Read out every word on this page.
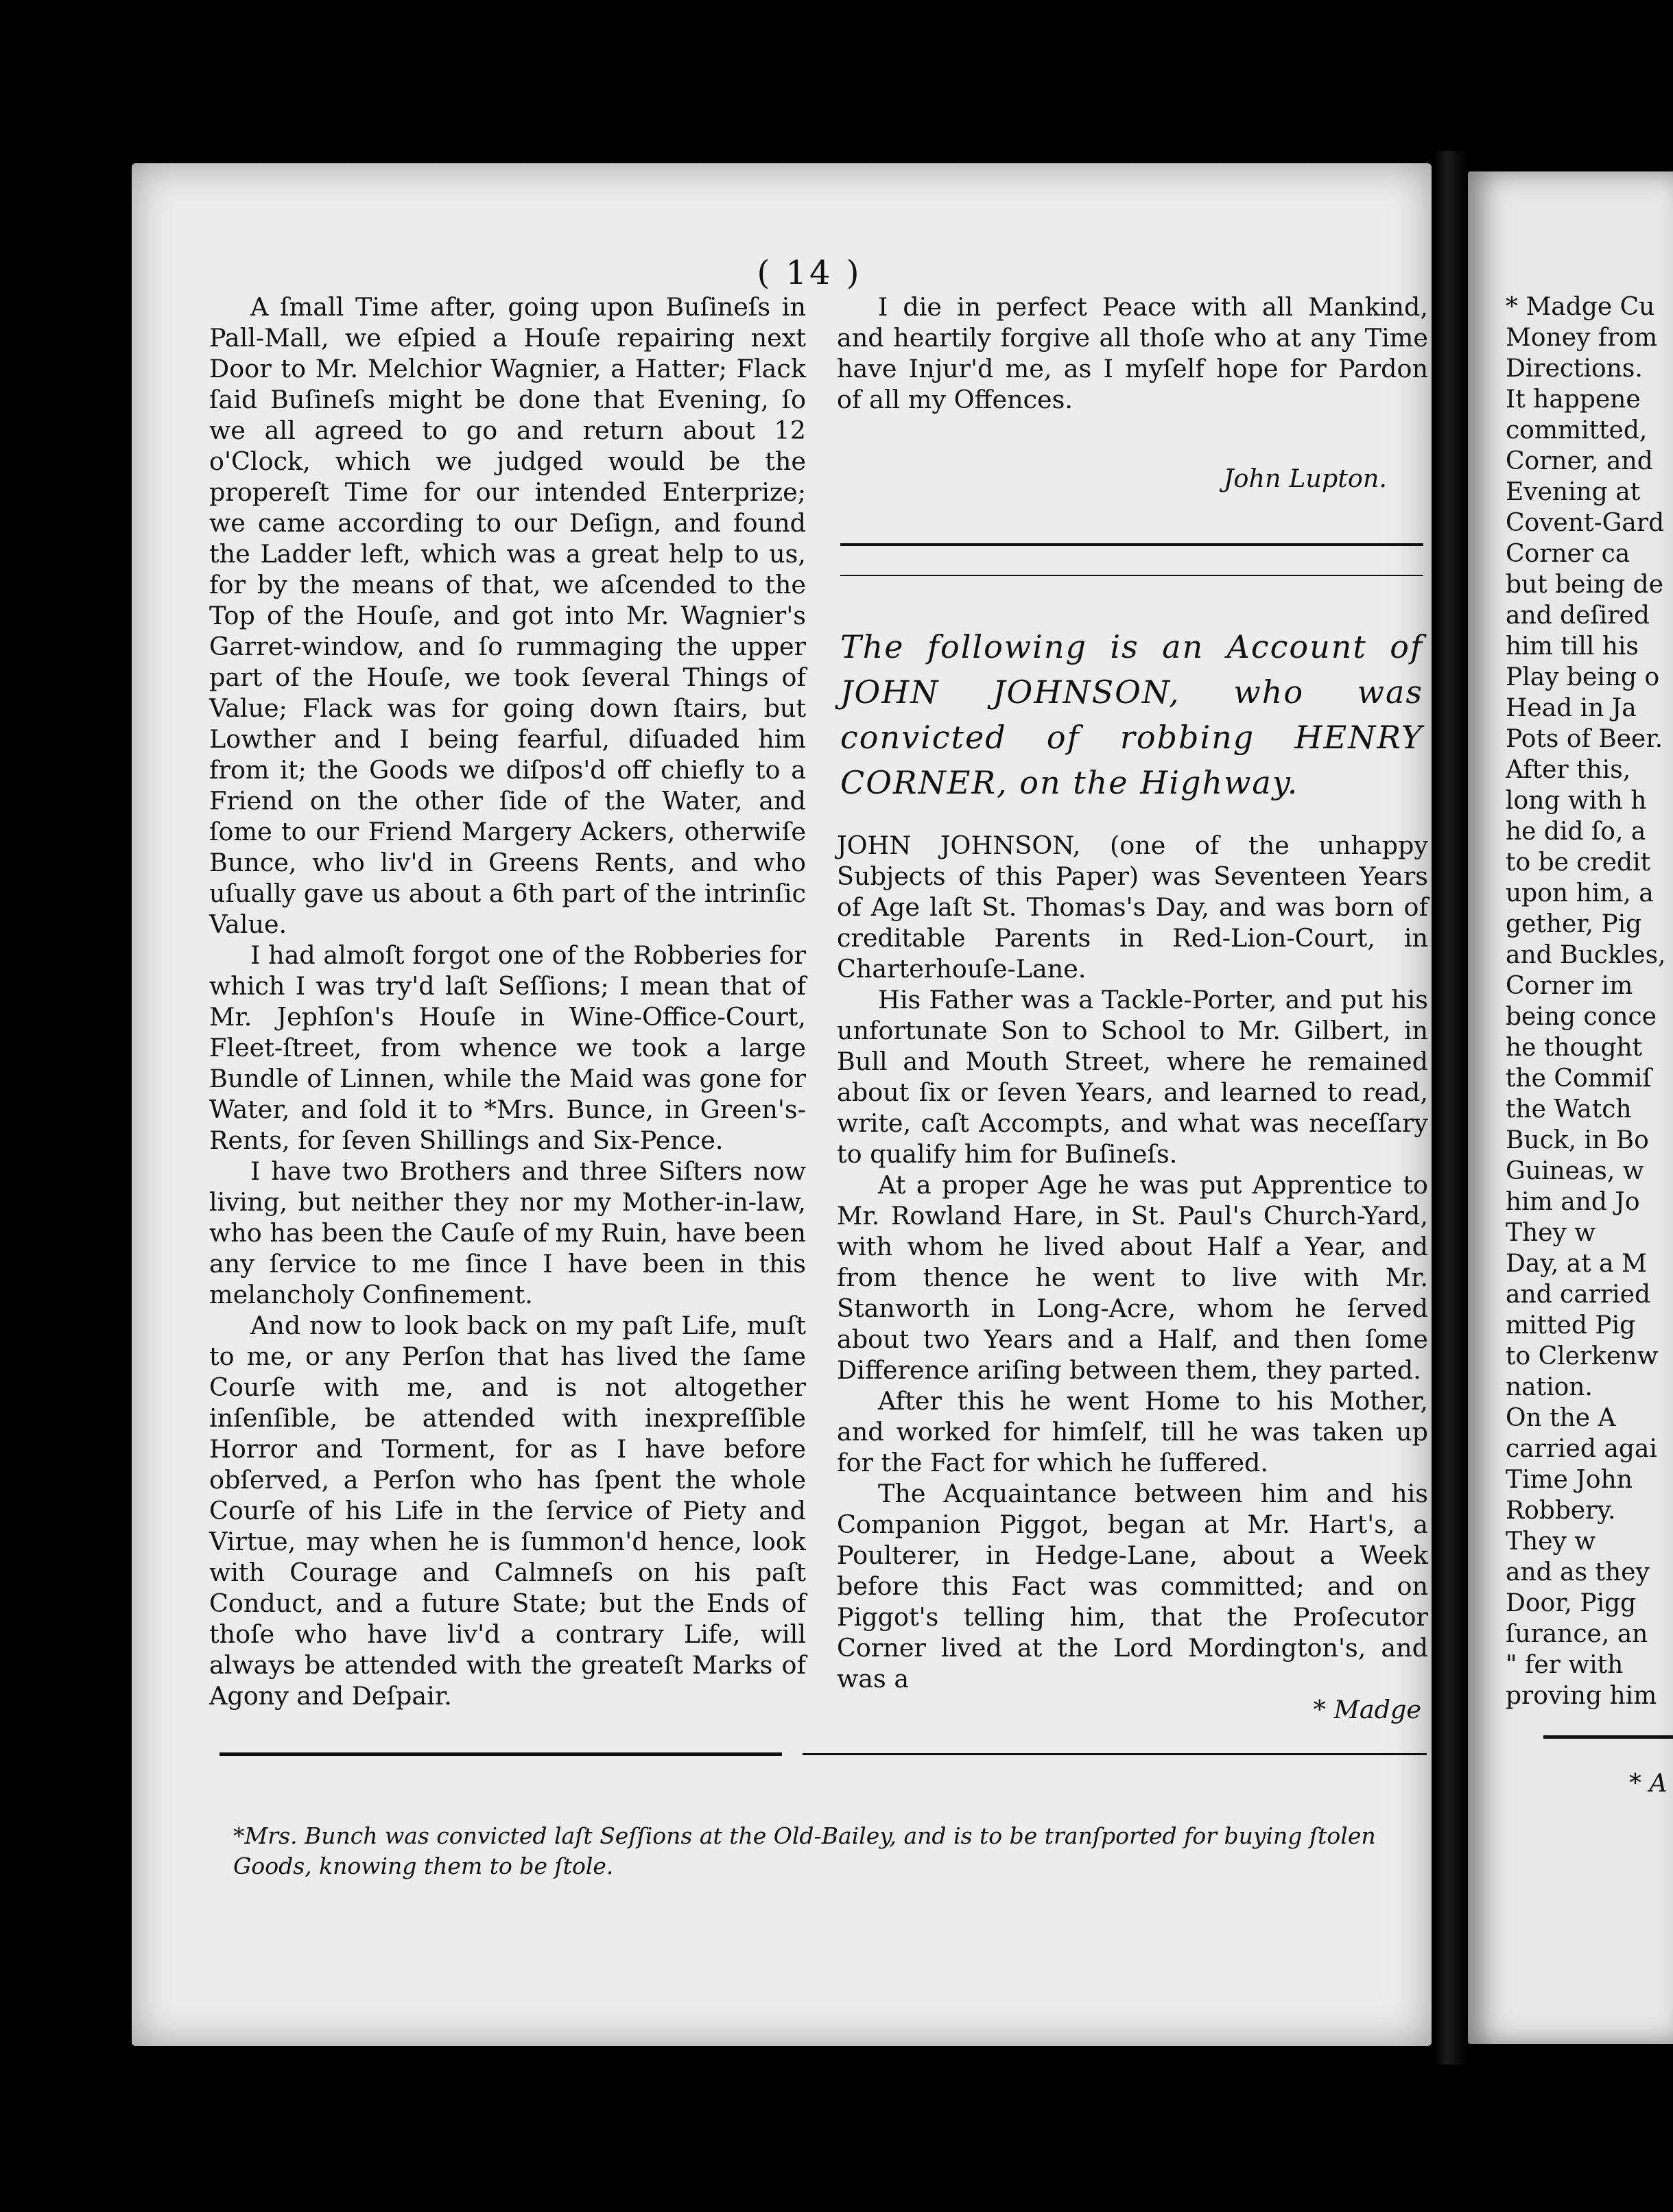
( 14 )

A ſmall Time after, going upon Buſineſs in Pall-Mall, we eſpied a Houſe repairing next Door to Mr. Melchior Wagnier, a Hatter; Flack ſaid Buſineſs might be done that Evening, ſo we all agreed to go and return about 12 o'Clock, which we judged would be the propereſt Time for our intended Enterprize; we came according to our Deſign, and found the Ladder left, which was a great help to us, for by the means of that, we aſcended to the Top of the Houſe, and got into Mr. Wagnier's Garret-window, and ſo rummaging the upper part of the Houſe, we took ſeveral Things of Value; Flack was for going down ſtairs, but Lowther and I being fearful, diſuaded him from it; the Goods we diſpos'd off chiefly to a Friend on the other ſide of the Water, and ſome to our Friend Margery Ackers, otherwiſe Bunce, who liv'd in Greens Rents, and who uſually gave us about a 6th part of the intrinſic Value.

I had almoſt forgot one of the Robberies for which I was try'd laſt Seſſions; I mean that of Mr. Jephſon's Houſe in Wine-Office-Court, Fleet-ſtreet, from whence we took a large Bundle of Linnen, while the Maid was gone for Water, and ſold it to *Mrs. Bunce, in Green's-Rents, for ſeven Shillings and Six-Pence.

I have two Brothers and three Siſters now living, but neither they nor my Mother-in-law, who has been the Cauſe of my Ruin, have been any ſervice to me ſince I have been in this melancholy Confinement.

And now to look back on my paſt Life, muſt to me, or any Perſon that has lived the ſame Courſe with me, and is not altogether inſenſible, be attended with inexpreſſible Horror and Torment, for as I have before obſerved, a Perſon who has ſpent the whole Courſe of his Life in the ſervice of Piety and Virtue, may when he is ſummon'd hence, look with Courage and Calmneſs on his paſt Conduct, and a future State; but the Ends of thoſe who have liv'd a contrary Life, will always be attended with the greateſt Marks of Agony and Deſpair.

I die in perfect Peace with all Mankind, and heartily forgive all thoſe who at any Time have Injur'd me, as I myſelf hope for Pardon of all my Offences.

John Lupton.

The following is an Account of JOHN JOHNSON, who was convicted of robbing HENRY CORNER, on the Highway.

JOHN JOHNSON, (one of the unhappy Subjects of this Paper) was Seventeen Years of Age laſt St. Thomas's Day, and was born of creditable Parents in Red-Lion-Court, in Charterhouſe-Lane.

His Father was a Tackle-Porter, and put his unfortunate Son to School to Mr. Gilbert, in Bull and Mouth Street, where he remained about ſix or ſeven Years, and learned to read, write, caſt Accompts, and what was neceſſary to qualify him for Buſineſs.

At a proper Age he was put Apprentice to Mr. Rowland Hare, in St. Paul's Church-Yard, with whom he lived about Half a Year, and from thence he went to live with Mr. Stanworth in Long-Acre, whom he ſerved about two Years and a Half, and then ſome Difference ariſing between them, they parted.

After this he went Home to his Mother, and worked for himſelf, till he was taken up for the Fact for which he ſuffered.

The Acquaintance between him and his Companion Piggot, began at Mr. Hart's, a Poulterer, in Hedge-Lane, about a Week before this Fact was committed; and on Piggot's telling him, that the Proſecutor Corner lived at the Lord Mordington's, and was a

* Madge

*Mrs. Bunch was convicted laſt Seſſions at the Old-Bailey, and is to be tranſported for buying ſtolen Goods, knowing them to be ſtole.
* Madge Cu
Money from
Directions.
It happene
committed,
Corner, and
Evening at
Covent-Gard
Corner ca
but being de
and deſired
him till his
Play being o
Head in Ja
Pots of Beer.
After this,
long with h
he did ſo, a
to be credit
upon him, a
gether, Pig
and Buckles,
Corner im
being conce
he thought
the Commiſ
the Watch
Buck, in Bo
Guineas, w
him and Jo
They w
Day, at a M
and carried
mitted Pig
to Clerkenw
nation.
On the A
carried agai
Time John
Robbery.
They w
and as they
Door, Pigg
ſurance, an
" fer with
proving him
* A
